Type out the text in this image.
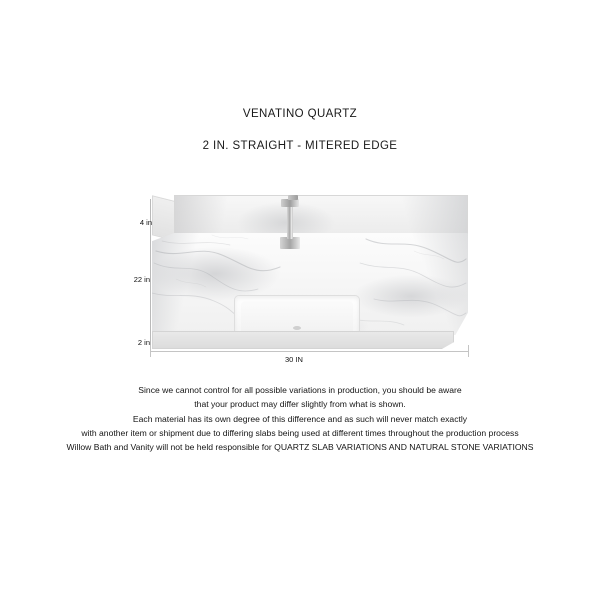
VENATINO QUARTZ
2 IN. STRAIGHT - MITERED EDGE
4 in
22 in
2 in
30 IN

Since we cannot control for all possible variations in production, you should be aware

that your product may differ slightly from what is shown.

Each material has its own degree of this difference and as such will never match exactly

with another item or shipment due to differing slabs being used at different times throughout the production process

Willow Bath and Vanity will not be held responsible for QUARTZ SLAB VARIATIONS AND NATURAL STONE VARIATIONS
